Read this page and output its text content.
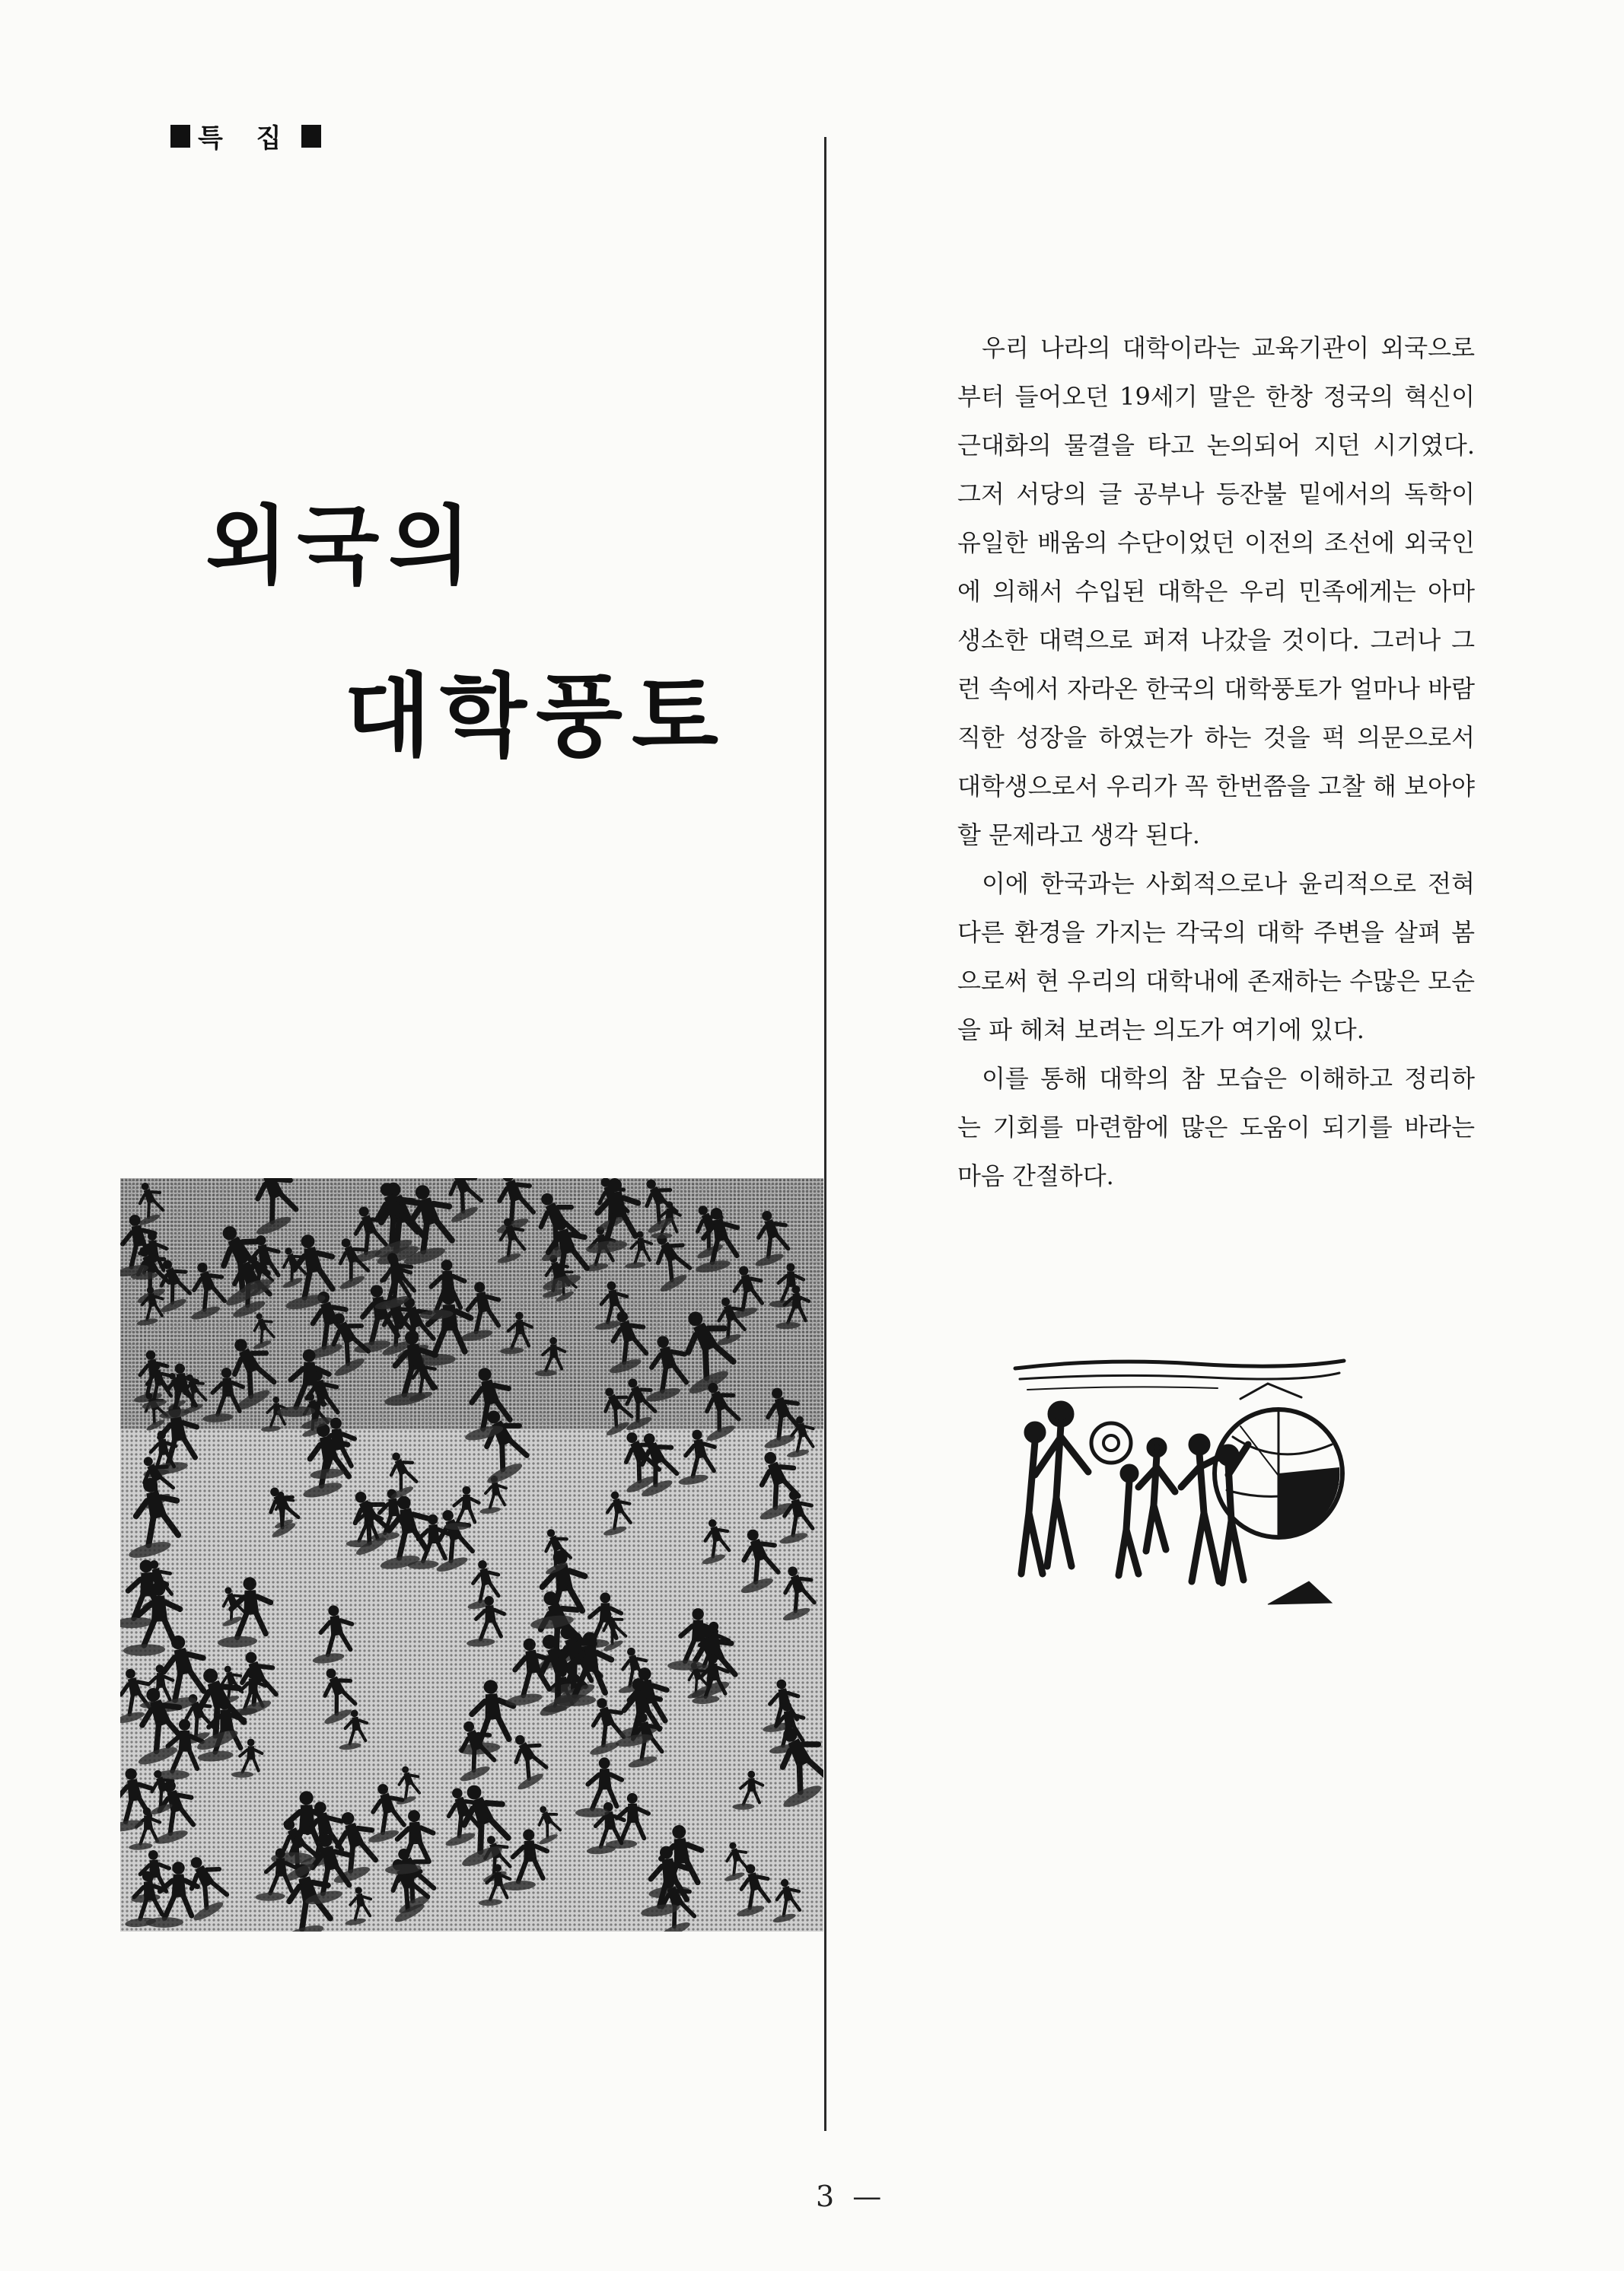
특 집
외국의
대학풍토

우리 나라의 대학이라는 교육기관이 외국으로부터 들어오던 19세기 말은 한창 정국의 혁신이 근대화의 물결을 타고 논의되어 지던 시기였다. 그저 서당의 글 공부나 등잔불 밑에서의 독학이 유일한 배움의 수단이었던 이전의 조선에 외국인에 의해서 수입된 대학은 우리 민족에게는 아마 생소한 대력으로 퍼져 나갔을 것이다. 그러나 그런 속에서 자라온 한국의 대학풍토가 얼마나 바람직한 성장을 하였는가 하는 것을 퍽 의문으로서 대학생으로서 우리가 꼭 한번쯤을 고찰 해 보아야 할 문제라고 생각 된다.

이에 한국과는 사회적으로나 윤리적으로 전혀 다른 환경을 가지는 각국의 대학 주변을 살펴 봄으로써 현 우리의 대학내에 존재하는 수많은 모순을 파 헤쳐 보려는 의도가 여기에 있다.

이를 통해 대학의 참 모습은 이해하고 정리하는 기회를 마련함에 많은 도움이 되기를 바라는 마음 간절하다.

3 —
